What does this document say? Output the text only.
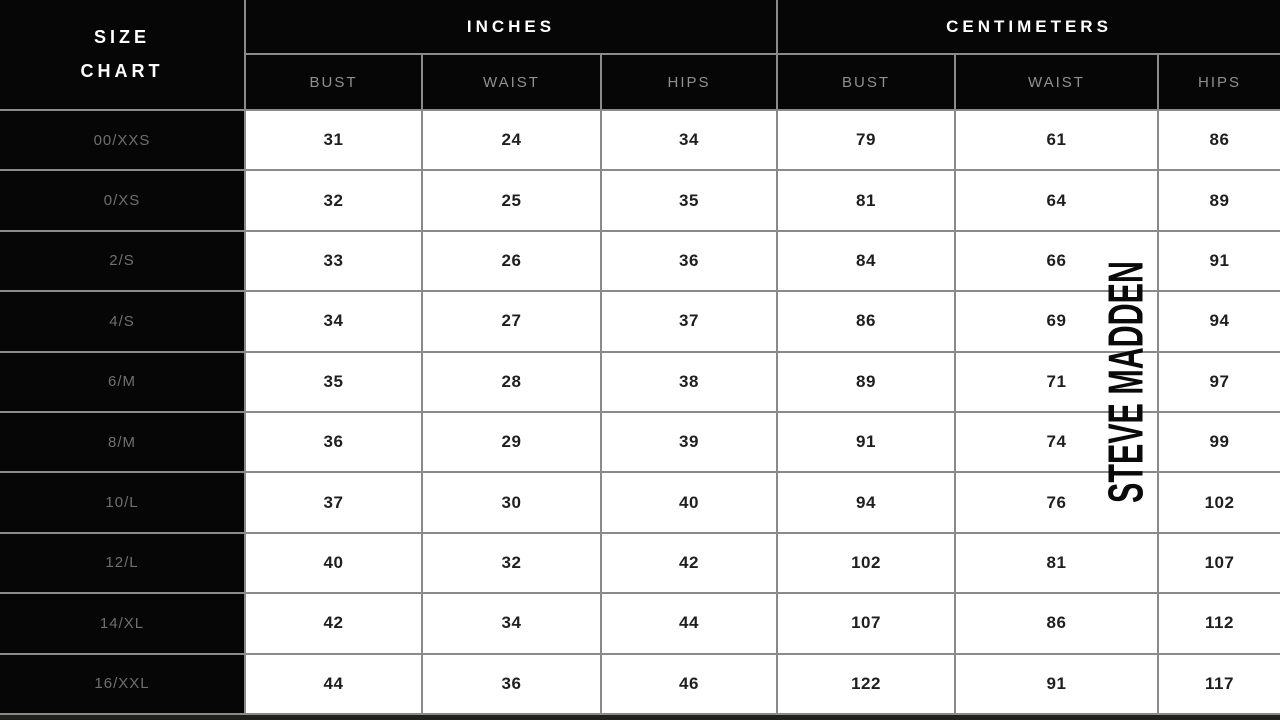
SIZE
CHART
INCHES	CENTIMETERS
BUST	WAIST	HIPS	BUST	WAIST	HIPS
00/XXS	31	24	34	79	61	86
0/XS	32	25	35	81	64	89
2/S	33	26	36	84	66	91
4/S	34	27	37	86	69	94
6/M	35	28	38	89	71	97
8/M	36	29	39	91	74	99
10/L	37	30	40	94	76	102
12/L	40	32	42	102	81	107
14/XL	42	34	44	107	86	112
16/XXL	44	36	46	122	91	117
STEVE MADDEN
